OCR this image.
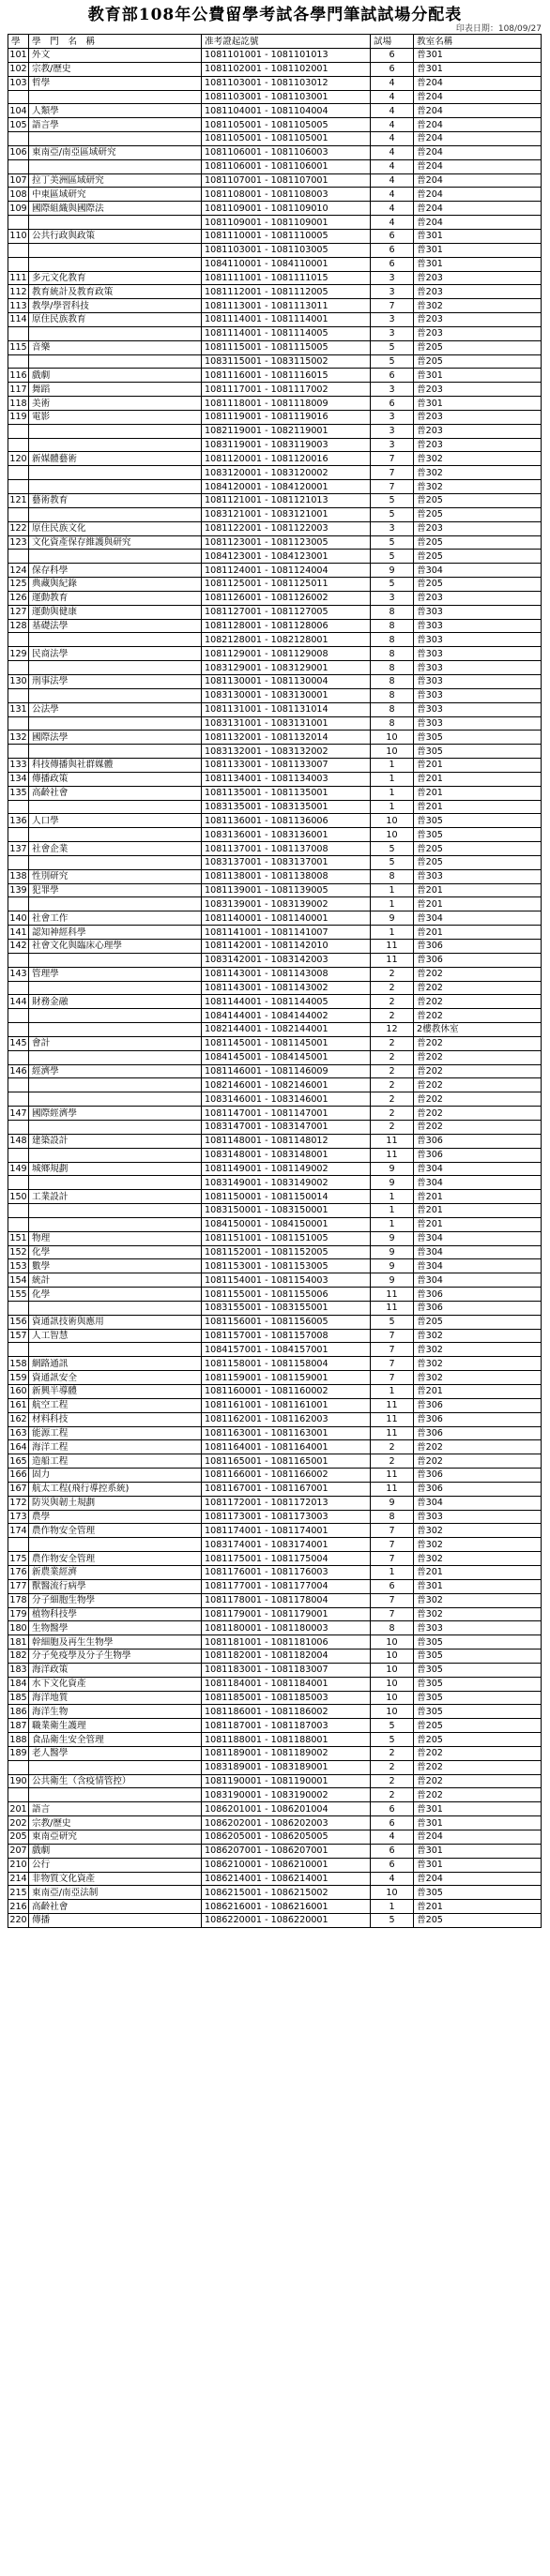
教育部108年公費留學考試各學門筆試試場分配表
印表日期：108/09/27
學	學　門　名　稱	准考證起訖號	試場	教室名稱
101	外文	1081101001 - 1081101013	6	普301
102	宗教/歷史	1081102001 - 1081102001	6	普301
103	哲學	1081103001 - 1081103012	4	普204
		1081103001 - 1081103001	4	普204
104	人類學	1081104001 - 1081104004	4	普204
105	語言學	1081105001 - 1081105005	4	普204
		1081105001 - 1081105001	4	普204
106	東南亞/南亞區域研究	1081106001 - 1081106003	4	普204
		1081106001 - 1081106001	4	普204
107	拉丁美洲區域研究	1081107001 - 1081107001	4	普204
108	中東區域研究	1081108001 - 1081108003	4	普204
109	國際組織與國際法	1081109001 - 1081109010	4	普204
		1081109001 - 1081109001	4	普204
110	公共行政與政策	1081110001 - 1081110005	6	普301
		1081103001 - 1081103005	6	普301
		1084110001 - 1084110001	6	普301
111	多元文化教育	1081111001 - 1081111015	3	普203
112	教育統計及教育政策	1081112001 - 1081112005	3	普203
113	教學/學習科技	1081113001 - 1081113011	7	普302
114	原住民族教育	1081114001 - 1081114001	3	普203
		1081114001 - 1081114005	3	普203
115	音樂	1081115001 - 1081115005	5	普205
		1083115001 - 1083115002	5	普205
116	戲劇	1081116001 - 1081116015	6	普301
117	舞蹈	1081117001 - 1081117002	3	普203
118	美術	1081118001 - 1081118009	6	普301
119	電影	1081119001 - 1081119016	3	普203
		1082119001 - 1082119001	3	普203
		1083119001 - 1083119003	3	普203
120	新媒體藝術	1081120001 - 1081120016	7	普302
		1083120001 - 1083120002	7	普302
		1084120001 - 1084120001	7	普302
121	藝術教育	1081121001 - 1081121013	5	普205
		1083121001 - 1083121001	5	普205
122	原住民族文化	1081122001 - 1081122003	3	普203
123	文化資產保存維護與研究	1081123001 - 1081123005	5	普205
		1084123001 - 1084123001	5	普205
124	保存科學	1081124001 - 1081124004	9	普304
125	典藏與紀錄	1081125001 - 1081125011	5	普205
126	運動教育	1081126001 - 1081126002	3	普203
127	運動與健康	1081127001 - 1081127005	8	普303
128	基礎法學	1081128001 - 1081128006	8	普303
		1082128001 - 1082128001	8	普303
129	民商法學	1081129001 - 1081129008	8	普303
		1083129001 - 1083129001	8	普303
130	刑事法學	1081130001 - 1081130004	8	普303
		1083130001 - 1083130001	8	普303
131	公法學	1081131001 - 1081131014	8	普303
		1083131001 - 1083131001	8	普303
132	國際法學	1081132001 - 1081132014	10	普305
		1083132001 - 1083132002	10	普305
133	科技傳播與社群媒體	1081133001 - 1081133007	1	普201
134	傳播政策	1081134001 - 1081134003	1	普201
135	高齡社會	1081135001 - 1081135001	1	普201
		1083135001 - 1083135001	1	普201
136	人口學	1081136001 - 1081136006	10	普305
		1083136001 - 1083136001	10	普305
137	社會企業	1081137001 - 1081137008	5	普205
		1083137001 - 1083137001	5	普205
138	性別研究	1081138001 - 1081138008	8	普303
139	犯罪學	1081139001 - 1081139005	1	普201
		1083139001 - 1083139002	1	普201
140	社會工作	1081140001 - 1081140001	9	普304
141	認知神經科學	1081141001 - 1081141007	1	普201
142	社會文化與臨床心理學	1081142001 - 1081142010	11	普306
		1083142001 - 1083142003	11	普306
143	管理學	1081143001 - 1081143008	2	普202
		1081143001 - 1081143002	2	普202
144	財務金融	1081144001 - 1081144005	2	普202
		1084144001 - 1084144002	2	普202
		1082144001 - 1082144001	12	2樓教休室
145	會計	1081145001 - 1081145001	2	普202
		1084145001 - 1084145001	2	普202
146	經濟學	1081146001 - 1081146009	2	普202
		1082146001 - 1082146001	2	普202
		1083146001 - 1083146001	2	普202
147	國際經濟學	1081147001 - 1081147001	2	普202
		1083147001 - 1083147001	2	普202
148	建築設計	1081148001 - 1081148012	11	普306
		1083148001 - 1083148001	11	普306
149	城鄉規劃	1081149001 - 1081149002	9	普304
		1083149001 - 1083149002	9	普304
150	工業設計	1081150001 - 1081150014	1	普201
		1083150001 - 1083150001	1	普201
		1084150001 - 1084150001	1	普201
151	物理	1081151001 - 1081151005	9	普304
152	化學	1081152001 - 1081152005	9	普304
153	數學	1081153001 - 1081153005	9	普304
154	統計	1081154001 - 1081154003	9	普304
155	化學	1081155001 - 1081155006	11	普306
		1083155001 - 1083155001	11	普306
156	資通訊技術與應用	1081156001 - 1081156005	5	普205
157	人工智慧	1081157001 - 1081157008	7	普302
		1084157001 - 1084157001	7	普302
158	網路通訊	1081158001 - 1081158004	7	普302
159	資通訊安全	1081159001 - 1081159001	7	普302
160	新興半導體	1081160001 - 1081160002	1	普201
161	航空工程	1081161001 - 1081161001	11	普306
162	材料科技	1081162001 - 1081162003	11	普306
163	能源工程	1081163001 - 1081163001	11	普306
164	海洋工程	1081164001 - 1081164001	2	普202
165	造船工程	1081165001 - 1081165001	2	普202
166	固力	1081166001 - 1081166002	11	普306
167	航太工程(飛行導控系統)	1081167001 - 1081167001	11	普306
172	防災與韌土規劃	1081172001 - 1081172013	9	普304
173	農學	1081173001 - 1081173003	8	普303
174	農作物安全管理	1081174001 - 1081174001	7	普302
		1083174001 - 1083174001	7	普302
175	農作物安全管理	1081175001 - 1081175004	7	普302
176	新農業經濟	1081176001 - 1081176003	1	普201
177	獸醫流行病學	1081177001 - 1081177004	6	普301
178	分子細胞生物學	1081178001 - 1081178004	7	普302
179	植物科技學	1081179001 - 1081179001	7	普302
180	生物醫學	1081180001 - 1081180003	8	普303
181	幹細胞及再生生物學	1081181001 - 1081181006	10	普305
182	分子免疫學及分子生物學	1081182001 - 1081182004	10	普305
183	海洋政策	1081183001 - 1081183007	10	普305
184	水下文化資產	1081184001 - 1081184001	10	普305
185	海洋地質	1081185001 - 1081185003	10	普305
186	海洋生物	1081186001 - 1081186002	10	普305
187	職業衛生護理	1081187001 - 1081187003	5	普205
188	食品衛生安全管理	1081188001 - 1081188001	5	普205
189	老人醫學	1081189001 - 1081189002	2	普202
		1083189001 - 1083189001	2	普202
190	公共衛生（含疫情管控）	1081190001 - 1081190001	2	普202
		1083190001 - 1083190002	2	普202
201	語言	1086201001 - 1086201004	6	普301
202	宗教/歷史	1086202001 - 1086202003	6	普301
205	東南亞研究	1086205001 - 1086205005	4	普204
207	戲劇	1086207001 - 1086207001	6	普301
210	公行	1086210001 - 1086210001	6	普301
214	非物質文化資產	1086214001 - 1086214001	4	普204
215	東南亞/南亞法制	1086215001 - 1086215002	10	普305
216	高齡社會	1086216001 - 1086216001	1	普201
220	傳播	1086220001 - 1086220001	5	普205
